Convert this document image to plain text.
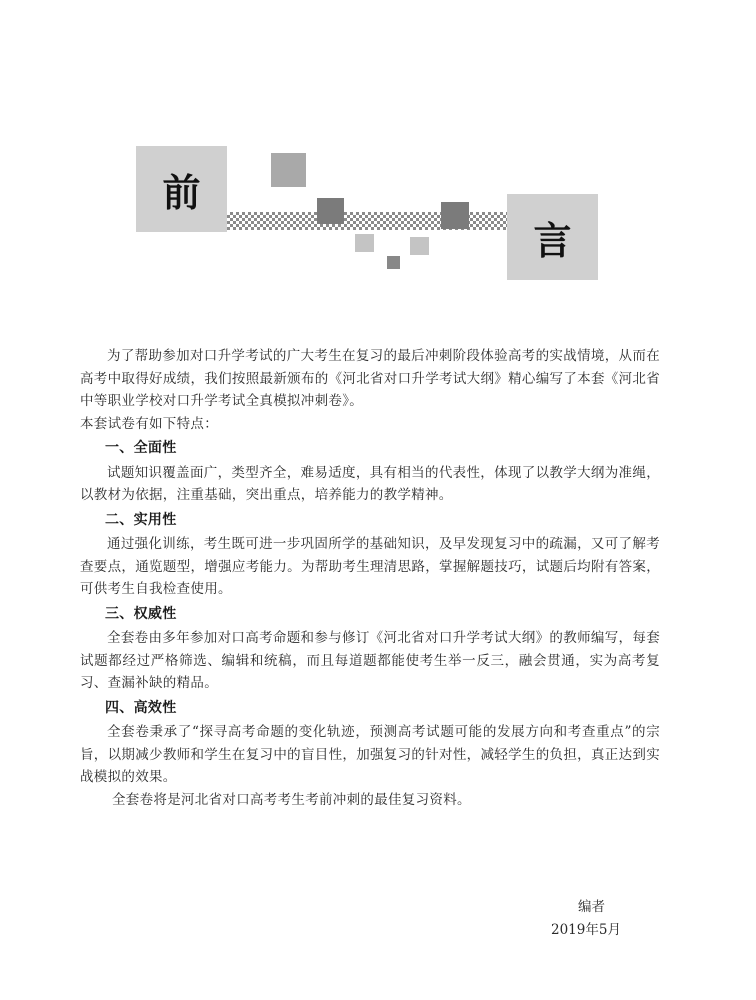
前
言

为了帮助参加对口升学考试的广大考生在复习的最后冲刺阶段体验高考的实战情境，从而在高考中取得好成绩，我们按照最新颁布的《河北省对口升学考试大纲》精心编写了本套《河北省中等职业学校对口升学考试全真模拟冲刺卷》。

本套试卷有如下特点：

一、全面性

试题知识覆盖面广，类型齐全，难易适度，具有相当的代表性，体现了以教学大纲为准绳，以教材为依据，注重基础，突出重点，培养能力的教学精神。

二、实用性

通过强化训练，考生既可进一步巩固所学的基础知识，及早发现复习中的疏漏，又可了解考查要点，通览题型，增强应考能力。为帮助考生理清思路，掌握解题技巧，试题后均附有答案，可供考生自我检查使用。

三、权威性

全套卷由多年参加对口高考命题和参与修订《河北省对口升学考试大纲》的教师编写，每套试题都经过严格筛选、编辑和统稿，而且每道题都能使考生举一反三，融会贯通，实为高考复习、查漏补缺的精品。

四、高效性

全套卷秉承了“探寻高考命题的变化轨迹，预测高考试题可能的发展方向和考查重点”的宗旨，以期减少教师和学生在复习中的盲目性，加强复习的针对性，减轻学生的负担，真正达到实战模拟的效果。

全套卷将是河北省对口高考考生考前冲刺的最佳复习资料。

编者
2019年5月
